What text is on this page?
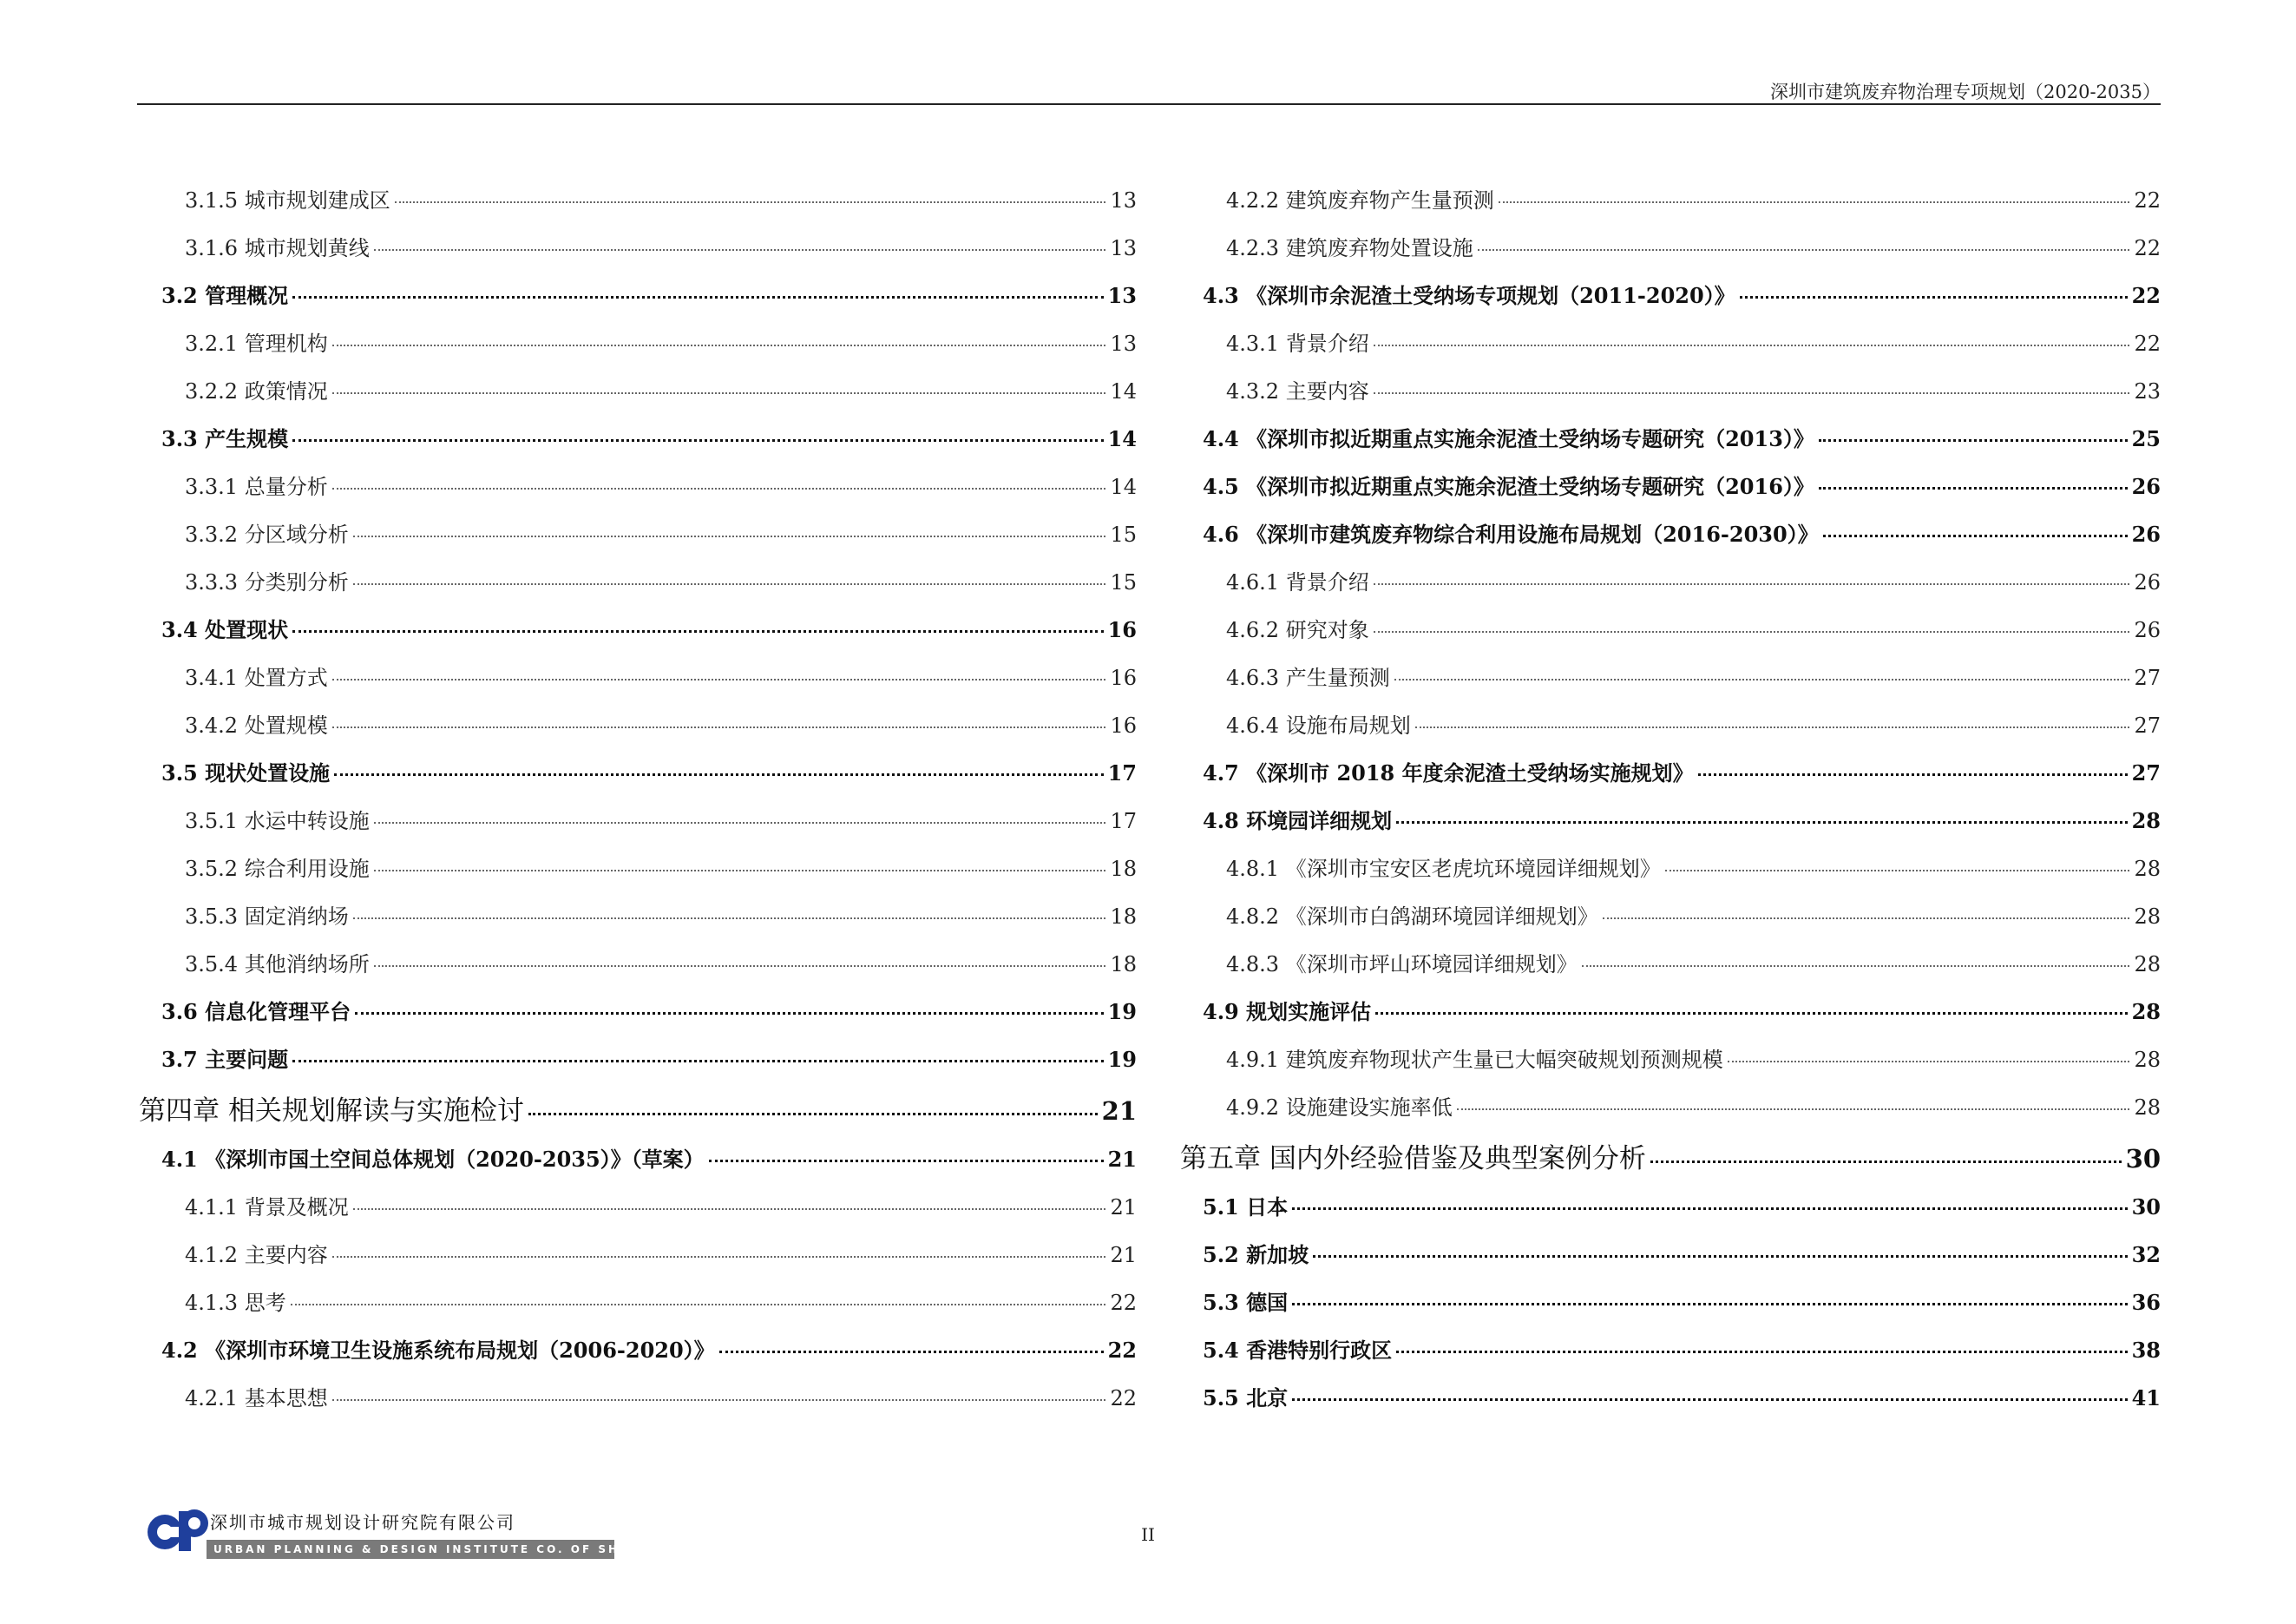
深圳市建筑废弃物治理专项规划（2020-2035）
3.1.5 城市规划建成区	13
3.1.6 城市规划黄线	13
3.2 管理概况	13
3.2.1 管理机构	13
3.2.2 政策情况	14
3.3 产生规模	14
3.3.1 总量分析	14
3.3.2 分区域分析	15
3.3.3 分类别分析	15
3.4 处置现状	16
3.4.1 处置方式	16
3.4.2 处置规模	16
3.5 现状处置设施	17
3.5.1 水运中转设施	17
3.5.2 综合利用设施	18
3.5.3 固定消纳场	18
3.5.4 其他消纳场所	18
3.6 信息化管理平台	19
3.7 主要问题	19
第四章 相关规划解读与实施检讨	21
4.1 《深圳市国土空间总体规划（2020-2035）》（草案）	21
4.1.1 背景及概况	21
4.1.2 主要内容	21
4.1.3 思考	22
4.2 《深圳市环境卫生设施系统布局规划（2006-2020）》	22
4.2.1 基本思想	22
4.2.2 建筑废弃物产生量预测	22
4.2.3 建筑废弃物处置设施	22
4.3 《深圳市余泥渣土受纳场专项规划（2011-2020）》	22
4.3.1 背景介绍	22
4.3.2 主要内容	23
4.4 《深圳市拟近期重点实施余泥渣土受纳场专题研究（2013）》	25
4.5 《深圳市拟近期重点实施余泥渣土受纳场专题研究（2016）》	26
4.6 《深圳市建筑废弃物综合利用设施布局规划（2016-2030）》	26
4.6.1 背景介绍	26
4.6.2 研究对象	26
4.6.3 产生量预测	27
4.6.4 设施布局规划	27
4.7 《深圳市 2018 年度余泥渣土受纳场实施规划》	27
4.8 环境园详细规划	28
4.8.1 《深圳市宝安区老虎坑环境园详细规划》	28
4.8.2 《深圳市白鸽湖环境园详细规划》	28
4.8.3 《深圳市坪山环境园详细规划》	28
4.9 规划实施评估	28
4.9.1 建筑废弃物现状产生量已大幅突破规划预测规模	28
4.9.2 设施建设实施率低	28
第五章 国内外经验借鉴及典型案例分析	30
5.1 日本	30
5.2 新加坡	32
5.3 德国	36
5.4 香港特别行政区	38
5.5 北京	41
II
深圳市城市规划设计研究院有限公司
URBAN PLANNING & DESIGN INSTITUTE CO. OF SHENZHEN
